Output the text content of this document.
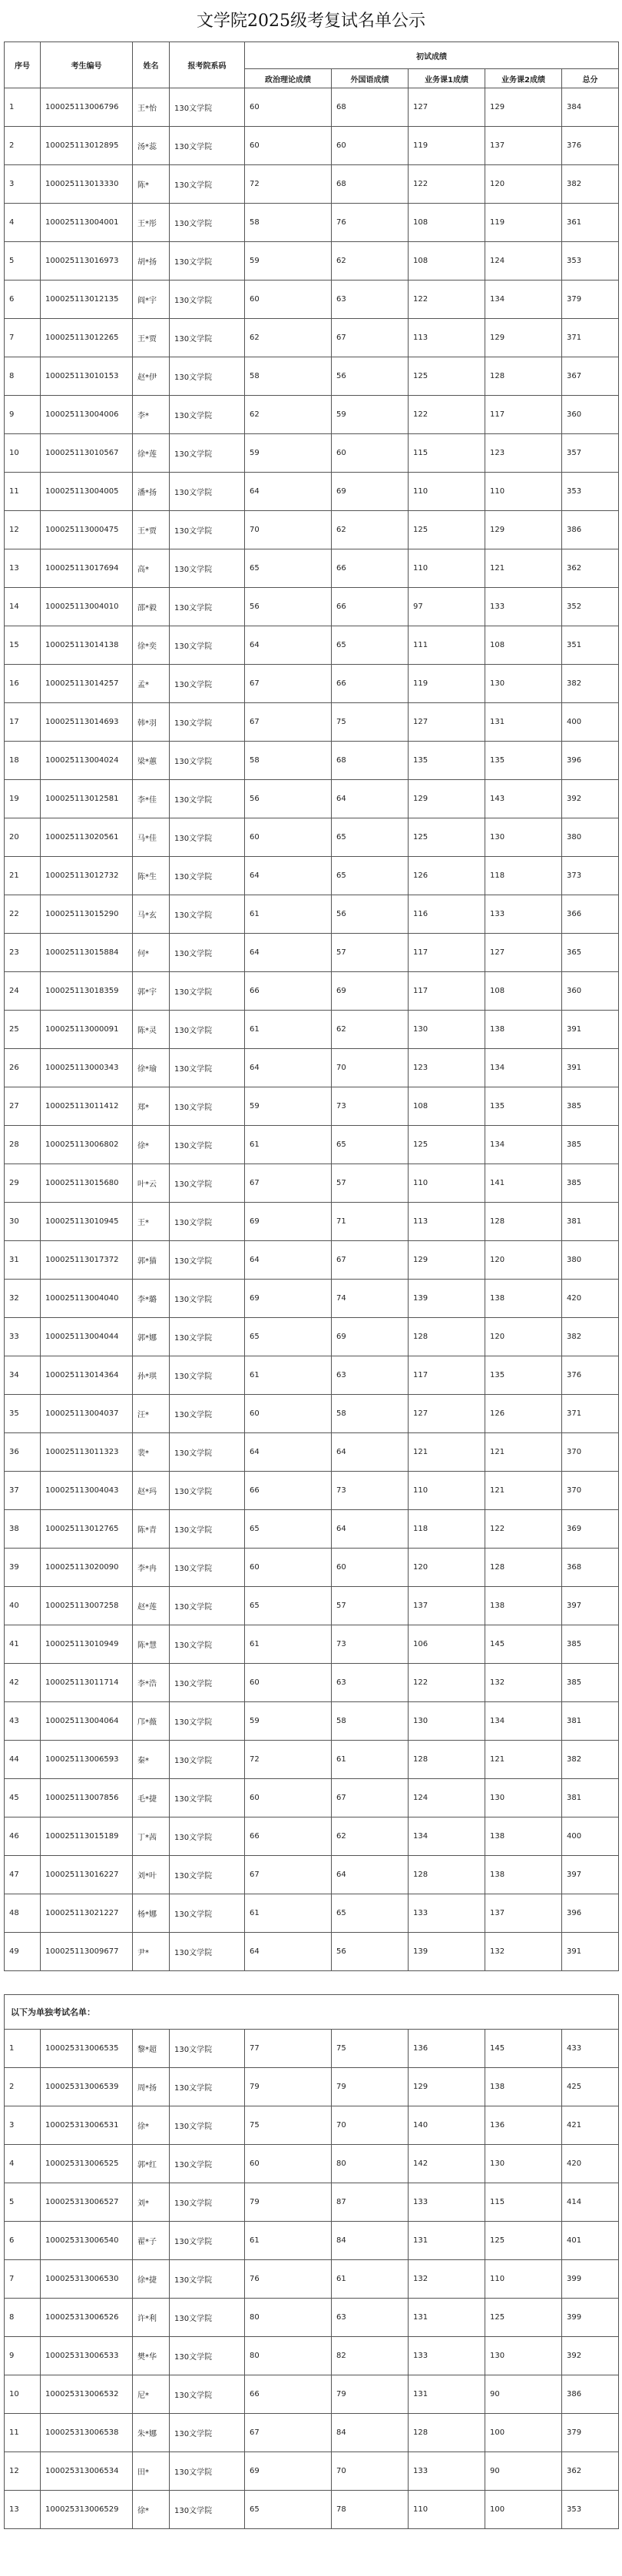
文学院2025级考复试名单公示
序号	考生编号	姓名	报考院系码	初试成绩				
				政治理论成绩	外国语成绩	业务课1成绩	业务课2成绩	总分
1	100025113006796	王*怡	130文学院	60	68	127	129	384
2	100025113012895	汤*蕊	130文学院	60	60	119	137	376
3	100025113013330	陈*	130文学院	72	68	122	120	382
4	100025113004001	王*彤	130文学院	58	76	108	119	361
5	100025113016973	胡*扬	130文学院	59	62	108	124	353
6	100025113012135	阎*宇	130文学院	60	63	122	134	379
7	100025113012265	王*贾	130文学院	62	67	113	129	371
8	100025113010153	赵*伊	130文学院	58	56	125	128	367
9	100025113004006	李*	130文学院	62	59	122	117	360
10	100025113010567	徐*莲	130文学院	59	60	115	123	357
11	100025113004005	潘*扬	130文学院	64	69	110	110	353
12	100025113000475	王*贾	130文学院	70	62	125	129	386
13	100025113017694	高*	130文学院	65	66	110	121	362
14	100025113004010	邵*毅	130文学院	56	66	97	133	352
15	100025113014138	徐*奕	130文学院	64	65	111	108	351
16	100025113014257	孟*	130文学院	67	66	119	130	382
17	100025113014693	韩*羽	130文学院	67	75	127	131	400
18	100025113004024	梁*蕙	130文学院	58	68	135	135	396
19	100025113012581	李*佳	130文学院	56	64	129	143	392
20	100025113020561	马*佳	130文学院	60	65	125	130	380
21	100025113012732	陈*生	130文学院	64	65	126	118	373
22	100025113015290	马*玄	130文学院	61	56	116	133	366
23	100025113015884	何*	130文学院	64	57	117	127	365
24	100025113018359	郭*宇	130文学院	66	69	117	108	360
25	100025113000091	陈*灵	130文学院	61	62	130	138	391
26	100025113000343	徐*瑜	130文学院	64	70	123	134	391
27	100025113011412	郑*	130文学院	59	73	108	135	385
28	100025113006802	徐*	130文学院	61	65	125	134	385
29	100025113015680	叶*云	130文学院	67	57	110	141	385
30	100025113010945	王*	130文学院	69	71	113	128	381
31	100025113017372	郭*猫	130文学院	64	67	129	120	380
32	100025113004040	李*璐	130文学院	69	74	139	138	420
33	100025113004044	郭*娜	130文学院	65	69	128	120	382
34	100025113014364	孙*琪	130文学院	61	63	117	135	376
35	100025113004037	汪*	130文学院	60	58	127	126	371
36	100025113011323	裴*	130文学院	64	64	121	121	370
37	100025113004043	赵*玛	130文学院	66	73	110	121	370
38	100025113012765	陈*青	130文学院	65	64	118	122	369
39	100025113020090	李*冉	130文学院	60	60	120	128	368
40	100025113007258	赵*莲	130文学院	65	57	137	138	397
41	100025113010949	陈*慧	130文学院	61	73	106	145	385
42	100025113011714	李*浩	130文学院	60	63	122	132	385
43	100025113004064	邝*薇	130文学院	59	58	130	134	381
44	100025113006593	秦*	130文学院	72	61	128	121	382
45	100025113007856	毛*捷	130文学院	60	67	124	130	381
46	100025113015189	丁*茜	130文学院	66	62	134	138	400
47	100025113016227	刘*叶	130文学院	67	64	128	138	397
48	100025113021227	杨*娜	130文学院	61	65	133	137	396
49	100025113009677	尹*	130文学院	64	56	139	132	391

以下为单独考试名单：								
1	100025313006535	黎*超	130文学院	77	75	136	145	433
2	100025313006539	周*扬	130文学院	79	79	129	138	425
3	100025313006531	徐*	130文学院	75	70	140	136	421
4	100025313006525	郭*红	130文学院	60	80	142	130	420
5	100025313006527	刘*	130文学院	79	87	133	115	414
6	100025313006540	翟*子	130文学院	61	84	131	125	401
7	100025313006530	徐*捷	130文学院	76	61	132	110	399
8	100025313006526	许*利	130文学院	80	63	131	125	399
9	100025313006533	樊*华	130文学院	80	82	133	130	392
10	100025313006532	尼*	130文学院	66	79	131	90	386
11	100025313006538	朱*娜	130文学院	67	84	128	100	379
12	100025313006534	田*	130文学院	69	70	133	90	362
13	100025313006529	徐*	130文学院	65	78	110	100	353
